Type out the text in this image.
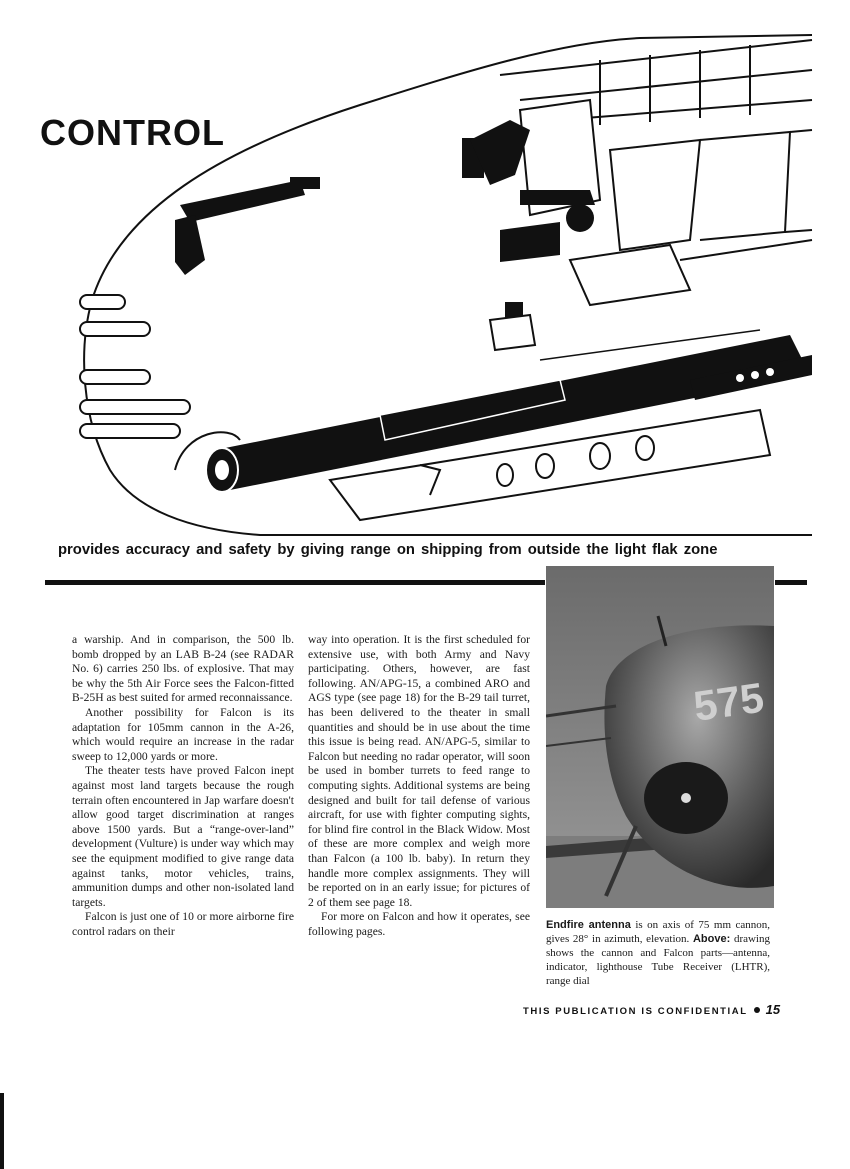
CONTROL
provides accuracy and safety by giving range on shipping from outside the light flak zone

a warship. And in comparison, the 500 lb. bomb dropped by an LAB B-24 (see RADAR No. 6) carries 250 lbs. of explosive. That may be why the 5th Air Force sees the Falcon-fitted B-25H as best suited for armed reconnaissance.

Another possibility for Falcon is its adaptation for 105mm cannon in the A-26, which would require an increase in the radar sweep to 12,000 yards or more.

The theater tests have proved Falcon inept against most land targets because the rough terrain often encountered in Jap warfare doesn't allow good target discrimination at ranges above 1500 yards. But a “range-over-land” development (Vulture) is under way which may see the equipment modified to give range data against tanks, motor vehicles, trains, ammunition dumps and other non-isolated land targets.

Falcon is just one of 10 or more airborne fire control radars on their

way into operation. It is the first scheduled for extensive use, with both Army and Navy participating. Others, however, are fast following. AN/APG-15, a combined ARO and AGS type (see page 18) for the B-29 tail turret, has been delivered to the theater in small quantities and should be in use about the time this issue is being read. AN/APG-5, similar to Falcon but needing no radar operator, will soon be used in bomber turrets to feed range to computing sights. Additional systems are being designed and built for tail defense of various aircraft, for use with fighter computing sights, for blind fire control in the Black Widow. Most of these are more complex and weigh more than Falcon (a 100 lb. baby). In return they handle more complex assignments. They will be reported on in an early issue; for pictures of 2 of them see page 18.

For more on Falcon and how it operates, see following pages.

575
Endfire antenna is on axis of 75 mm cannon, gives 28° in azimuth, elevation. Above: drawing shows the cannon and Falcon parts—antenna, indicator, lighthouse Tube Receiver (LHTR), range dial
THIS PUBLICATION IS CONFIDENTIAL 15
